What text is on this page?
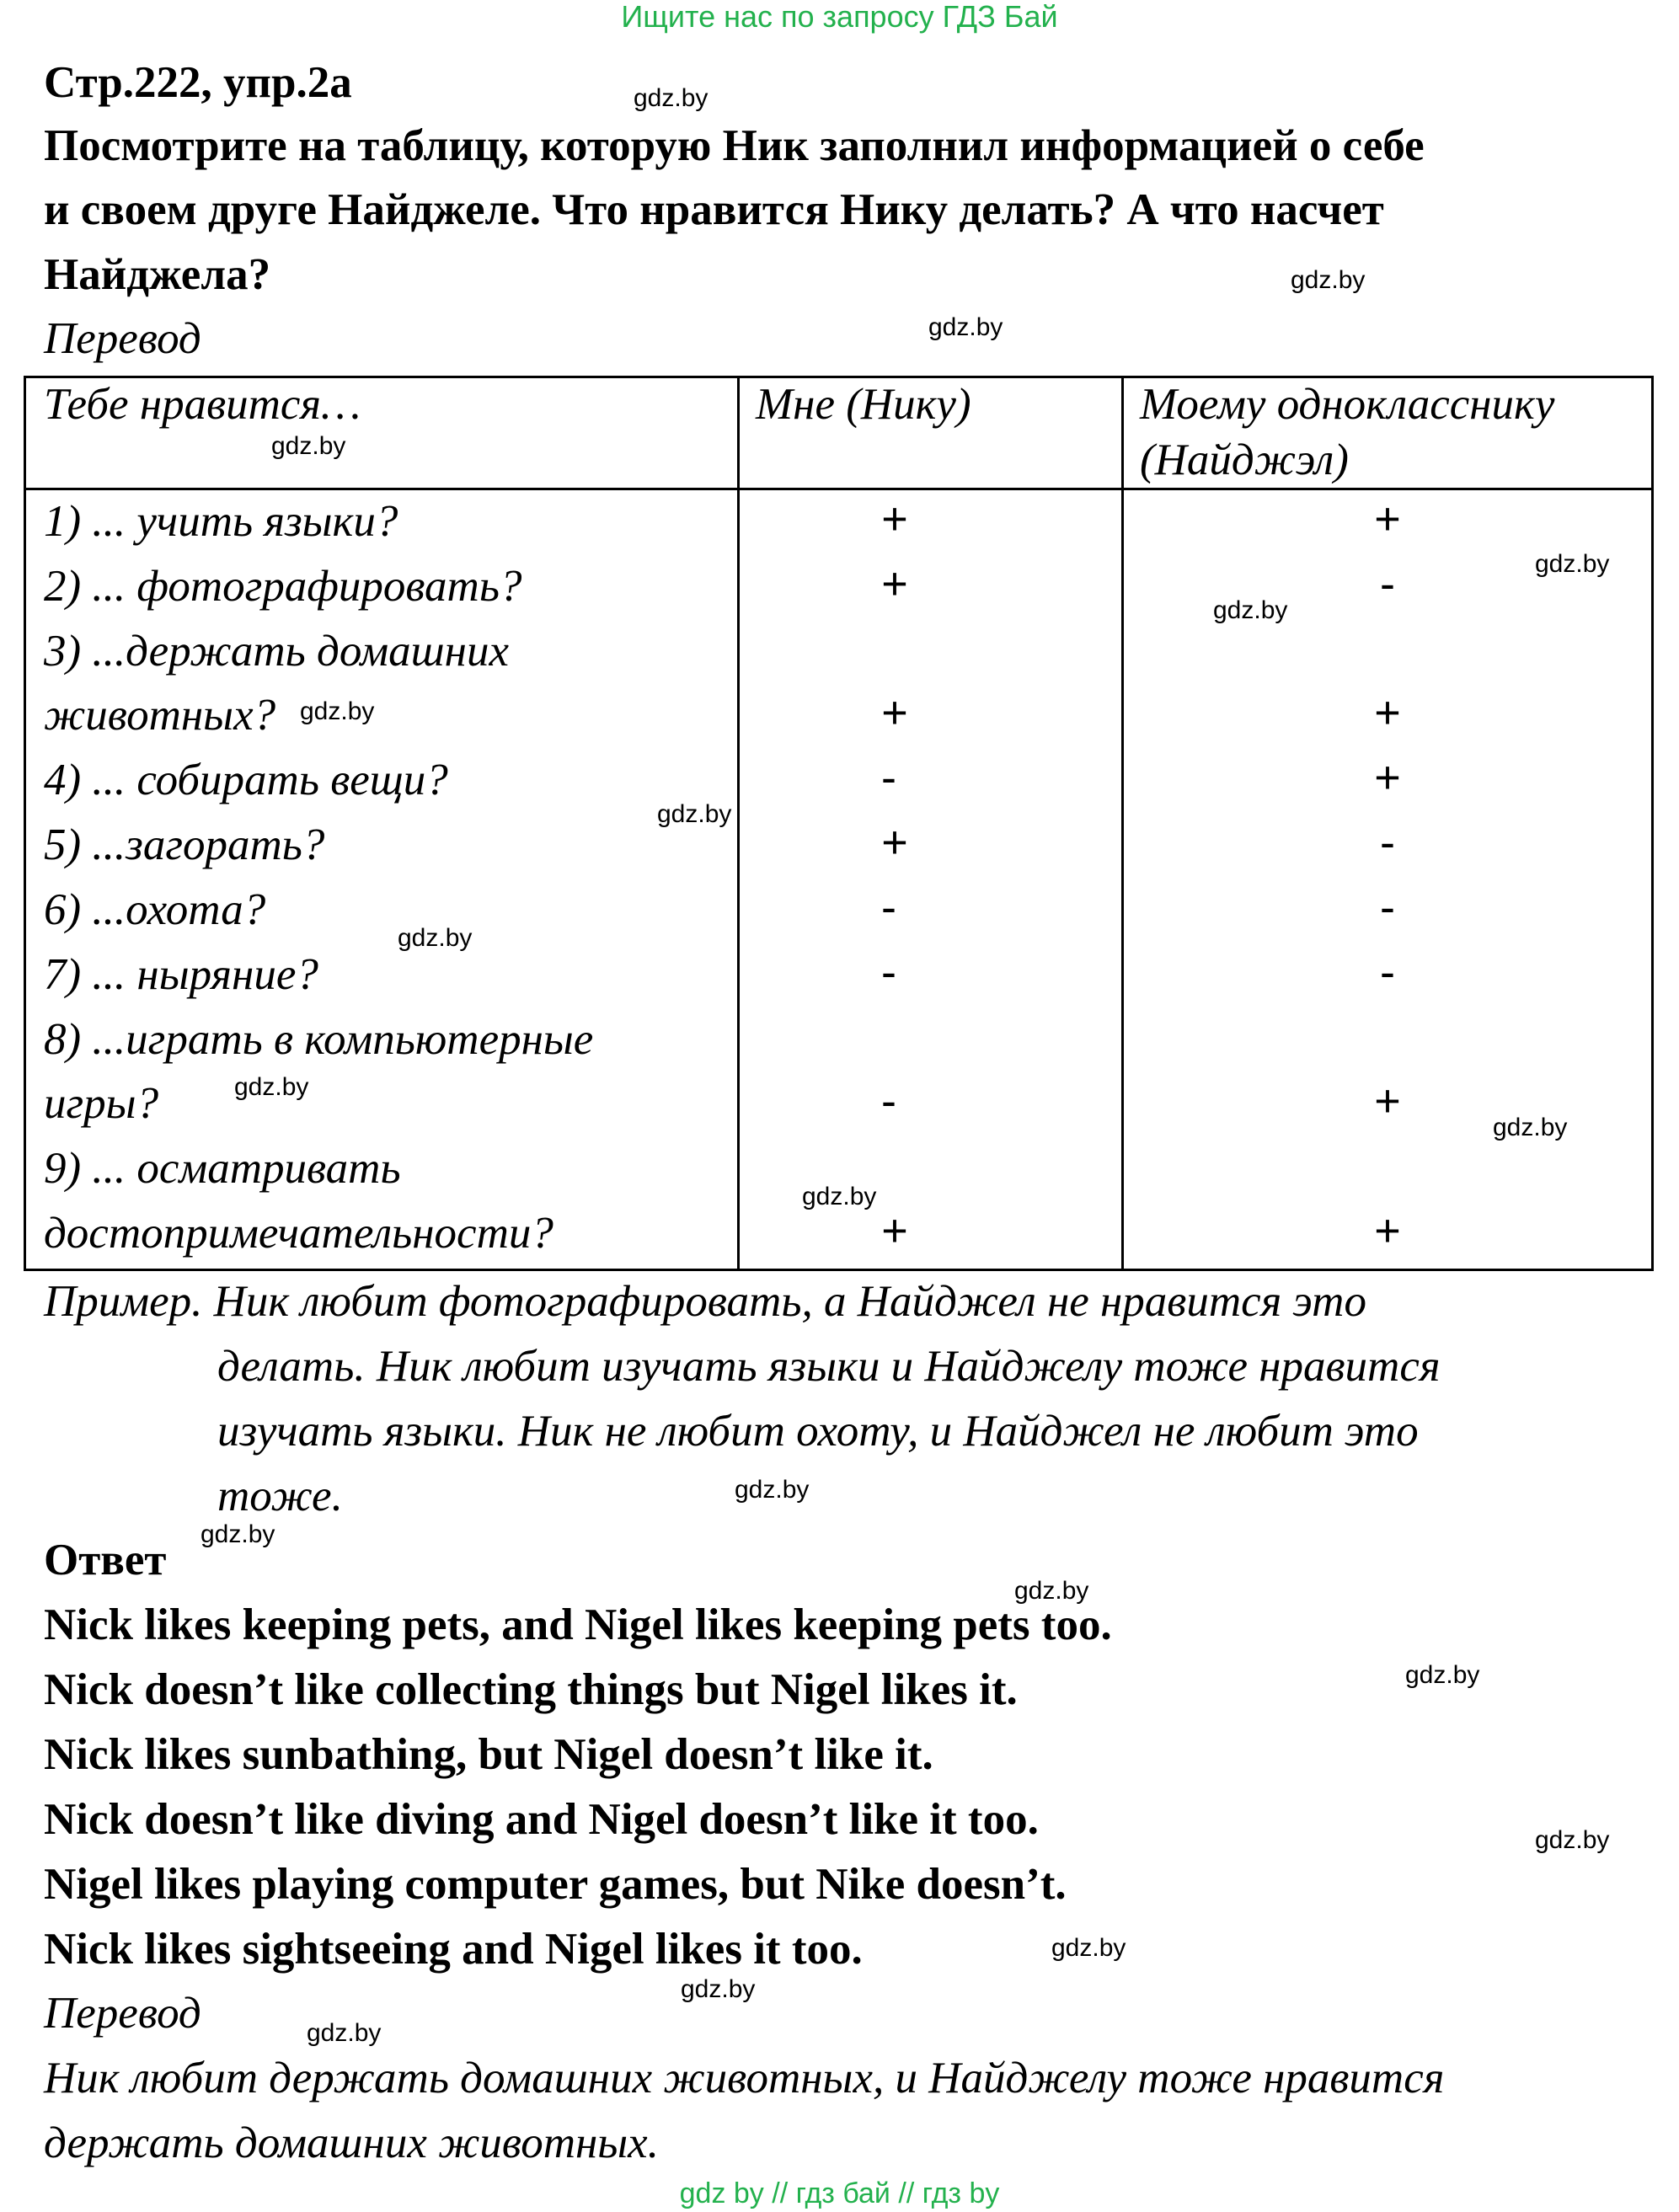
Ищите нас по запросу ГДЗ Бай
Стр.222, упр.2а
Посмотрите на таблицу, которую Ник заполнил информацией о себе
и своем друге Найджеле. Что нравится Нику делать? А что насчет
Найджела?
Перевод
Тебе нравится…	Мне (Нику)	Моему однокласснику
(Найджэл)
1) ... учить языки?	+	+
2) ... фотографировать?	+	-
3) ...держать домашних
животных?	+	+
4) ... собирать вещи?	-	+
5) ...загорать?	+	-
6) ...охота?	-	-
7) ... ныряние?	-	-
8) ...играть в компьютерные
игры?	-	+
9) ... осматривать
достопримечательности?	+	+
Пример. Ник любит фотографировать, а Найджел не нравится это
делать. Ник любит изучать языки и Найджелу тоже нравится
изучать языки. Ник не любит охоту, и Найджел не любит это
тоже.
Ответ
Nick likes keeping pets, and Nigel likes keeping pets too.
Nick doesn’t like collecting things but Nigel likes it.
Nick likes sunbathing, but Nigel doesn’t like it.
Nick doesn’t like diving and Nigel doesn’t like it too.
Nigel likes playing computer games, but Nike doesn’t.
Nick likes sightseeing and Nigel likes it too.
Перевод
Ник любит держать домашних животных, и Найджелу тоже нравится
держать домашних животных.
gdz.by
gdz.by
gdz.by
gdz.by
gdz.by
gdz.by
gdz.by
gdz.by
gdz.by
gdz.by
gdz.by
gdz.by
gdz.by
gdz.by
gdz.by
gdz.by
gdz.by
gdz.by
gdz.by
gdz.by
gdz by // гдз бай // гдз by
